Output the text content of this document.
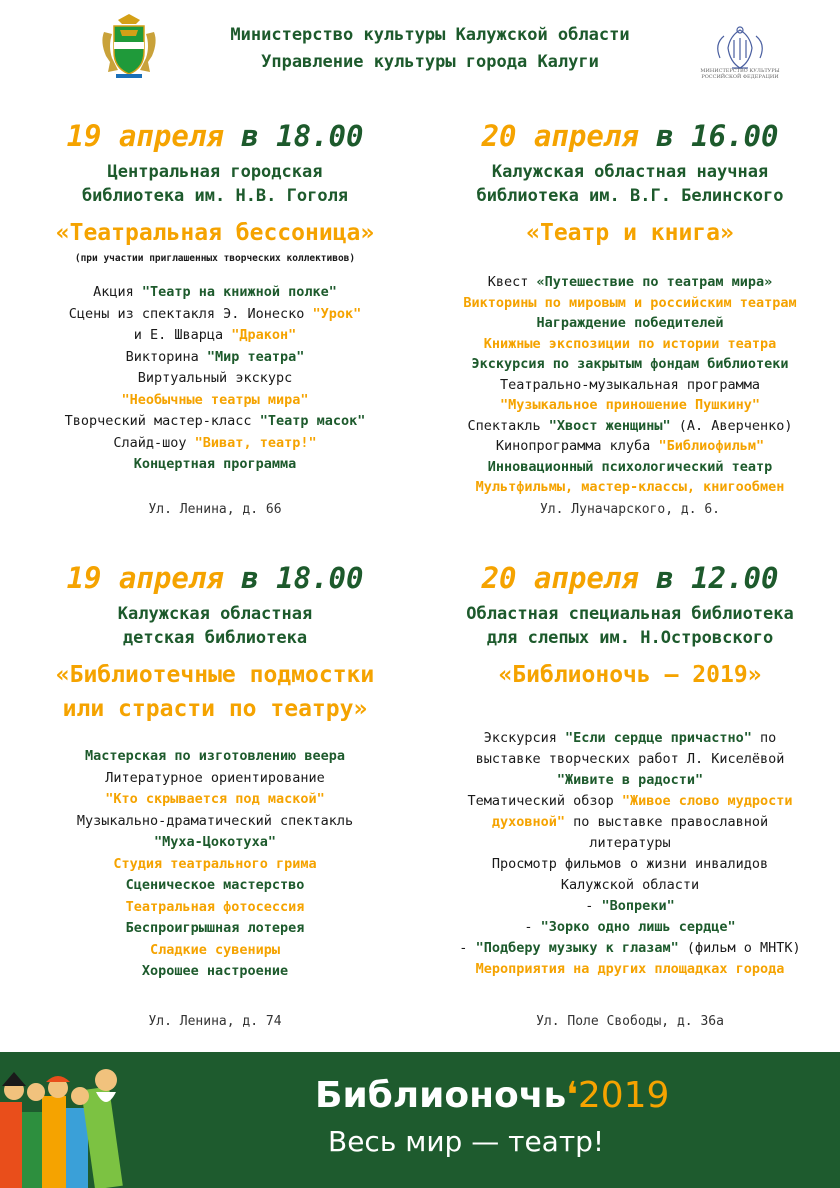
Министерство культуры Калужской области
Управление культуры города Калуги	МИНИСТЕРСТВО КУЛЬТУРЫ РОССИЙСКОЙ ФЕДЕРАЦИИ
19 апреля в 18.00
Центральная городская
библиотека им. Н.В. Гоголя
«Театральная бессоница»
(при участии приглашенных творческих коллективов)
Акция "Театр на книжной полке"
Сцены из спектакля Э. Ионеско "Урок"
и Е. Шварца "Дракон"
Викторина "Мир театра"
Виртуальный экскурс
"Необычные театры мира"
Творческий мастер-класс "Театр масок"
Слайд-шоу "Виват, театр!"
Концертная программа
Ул. Ленина, д. 66
20 апреля в 16.00
Калужская областная научная
библиотека им. В.Г. Белинского
«Театр и книга»
Квест «Путешествие по театрам мира»
Викторины по мировым и российским театрам
Награждение победителей
Книжные экспозиции по истории театра
Экскурсия по закрытым фондам библиотеки
Театрально-музыкальная программа
"Музыкальное приношение Пушкину"
Спектакль "Хвост женщины" (А. Аверченко)
Кинопрограмма клуба "Библиофильм"
Инновационный психологический театр
Мультфильмы, мастер-классы, книгообмен
Ул. Луначарского, д. 6.
19 апреля в 18.00
Калужская областная
детская библиотека
«Библиотечные подмостки
или страсти по театру»
Мастерская по изготовлению веера
Литературное ориентирование
"Кто скрывается под маской"
Музыкально-драматический спектакль
"Муха-Цокотуха"
Студия театрального грима
Сценическое мастерство
Театральная фотосессия
Беспроигрышная лотерея
Сладкие сувениры
Хорошее настроение
Ул. Ленина, д. 74
20 апреля в 12.00
Областная специальная библиотека
для слепых им. Н.Островского
«Библионочь – 2019»
Экскурсия "Если сердце причастно" по
выставке творческих работ Л. Киселёвой
"Живите в радости"
Тематический обзор "Живое слово мудрости
духовной" по выставке православной
литературы
Просмотр фильмов о жизни инвалидов
Калужской области
- "Вопреки"
- "Зорко одно лишь сердце"
- "Подберу музыку к глазам" (фильм о МНТК)
Мероприятия на других площадках города
Ул. Поле Свободы, д. 36а
Библионочь❛2019
Весь мир — театр!
